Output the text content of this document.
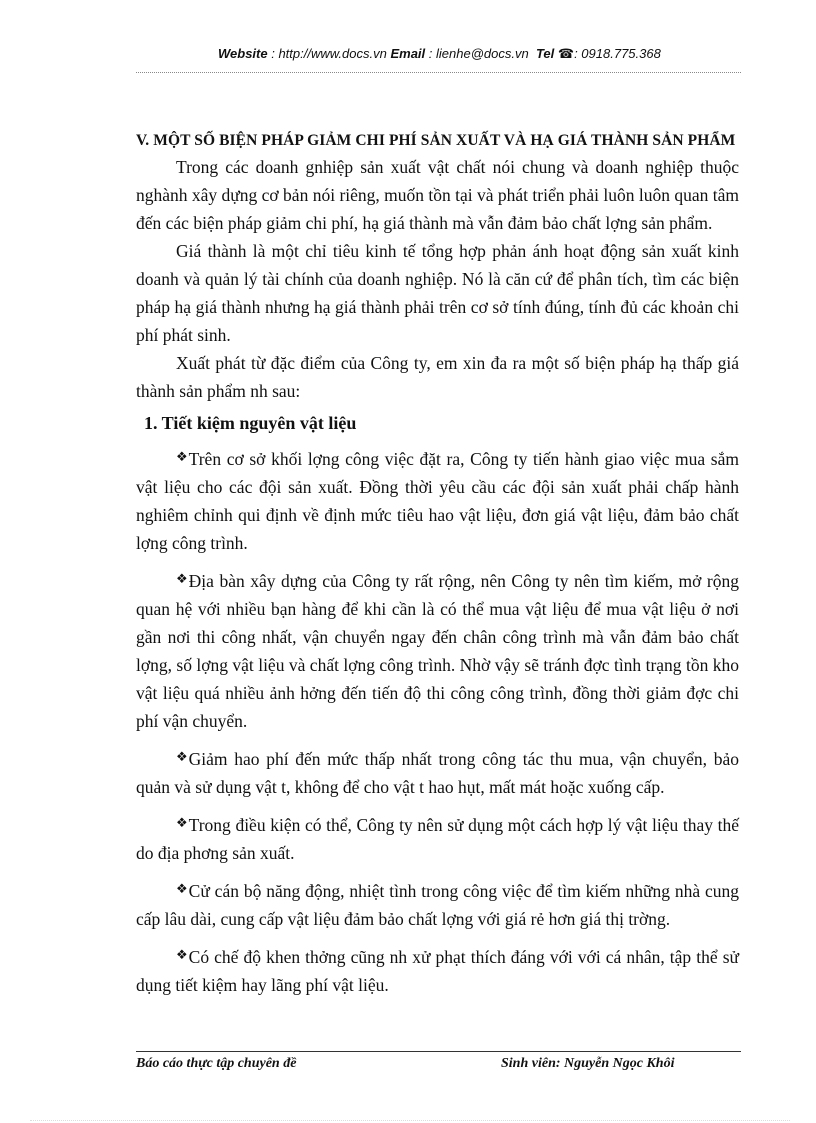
Website : http://www.docs.vn Email : lienhe@docs.vn Tel ☎: 0918.775.368
V. MỘT SỐ BIỆN PHÁP GIẢM CHI PHÍ SẢN XUẤT VÀ HẠ GIÁ THÀNH SẢN PHẨM

Trong các doanh gnhiệp sản xuất vật chất nói chung và doanh nghiệp thuộc nghành xây dựng cơ bản nói riêng, muốn tồn tại và phát triển phải luôn luôn quan tâm đến các biện pháp giảm chi phí, hạ giá thành mà vẫn đảm bảo chất lợng sản phẩm.

Giá thành là một chỉ tiêu kinh tế tổng hợp phản ánh hoạt động sản xuất kinh doanh và quản lý tài chính của doanh nghiệp. Nó là căn cứ để phân tích, tìm các biện pháp hạ giá thành nhưng hạ giá thành phải trên cơ sở tính đúng, tính đủ các khoản chi phí phát sinh.

Xuất phát từ đặc điểm của Công ty, em xin đa ra một số biện pháp hạ thấp giá thành sản phẩm nh sau:

1. Tiết kiệm nguyên vật liệu

❖Trên cơ sở khối lợng công việc đặt ra, Công ty tiến hành giao việc mua sắm vật liệu cho các đội sản xuất. Đồng thời yêu cầu các đội sản xuất phải chấp hành nghiêm chỉnh qui định về định mức tiêu hao vật liệu, đơn giá vật liệu, đảm bảo chất lợng công trình.

❖Địa bàn xây dựng của Công ty rất rộng, nên Công ty nên tìm kiếm, mở rộng quan hệ với nhiều bạn hàng để khi cần là có thể mua vật liệu để mua vật liệu ở nơi gần nơi thi công nhất, vận chuyển ngay đến chân công trình mà vẫn đảm bảo chất lợng, số lợng vật liệu và chất lợng công trình. Nhờ vậy sẽ tránh đợc tình trạng tồn kho vật liệu quá nhiều ảnh hởng đến tiến độ thi công công trình, đồng thời giảm đợc chi phí vận chuyển.

❖Giảm hao phí đến mức thấp nhất trong công tác thu mua, vận chuyển, bảo quản và sử dụng vật t, không để cho vật t hao hụt, mất mát hoặc xuống cấp.

❖Trong điều kiện có thể, Công ty nên sử dụng một cách hợp lý vật liệu thay thế do địa phơng sản xuất.

❖Cử cán bộ năng động, nhiệt tình trong công việc để tìm kiếm những nhà cung cấp lâu dài, cung cấp vật liệu đảm bảo chất lợng với giá rẻ hơn giá thị trờng.

❖Có chế độ khen thởng cũng nh xử phạt thích đáng với với cá nhân, tập thể sử dụng tiết kiệm hay lãng phí vật liệu.

Báo cáo thực tập chuyên đề	Sinh viên: Nguyễn Ngọc Khôi
